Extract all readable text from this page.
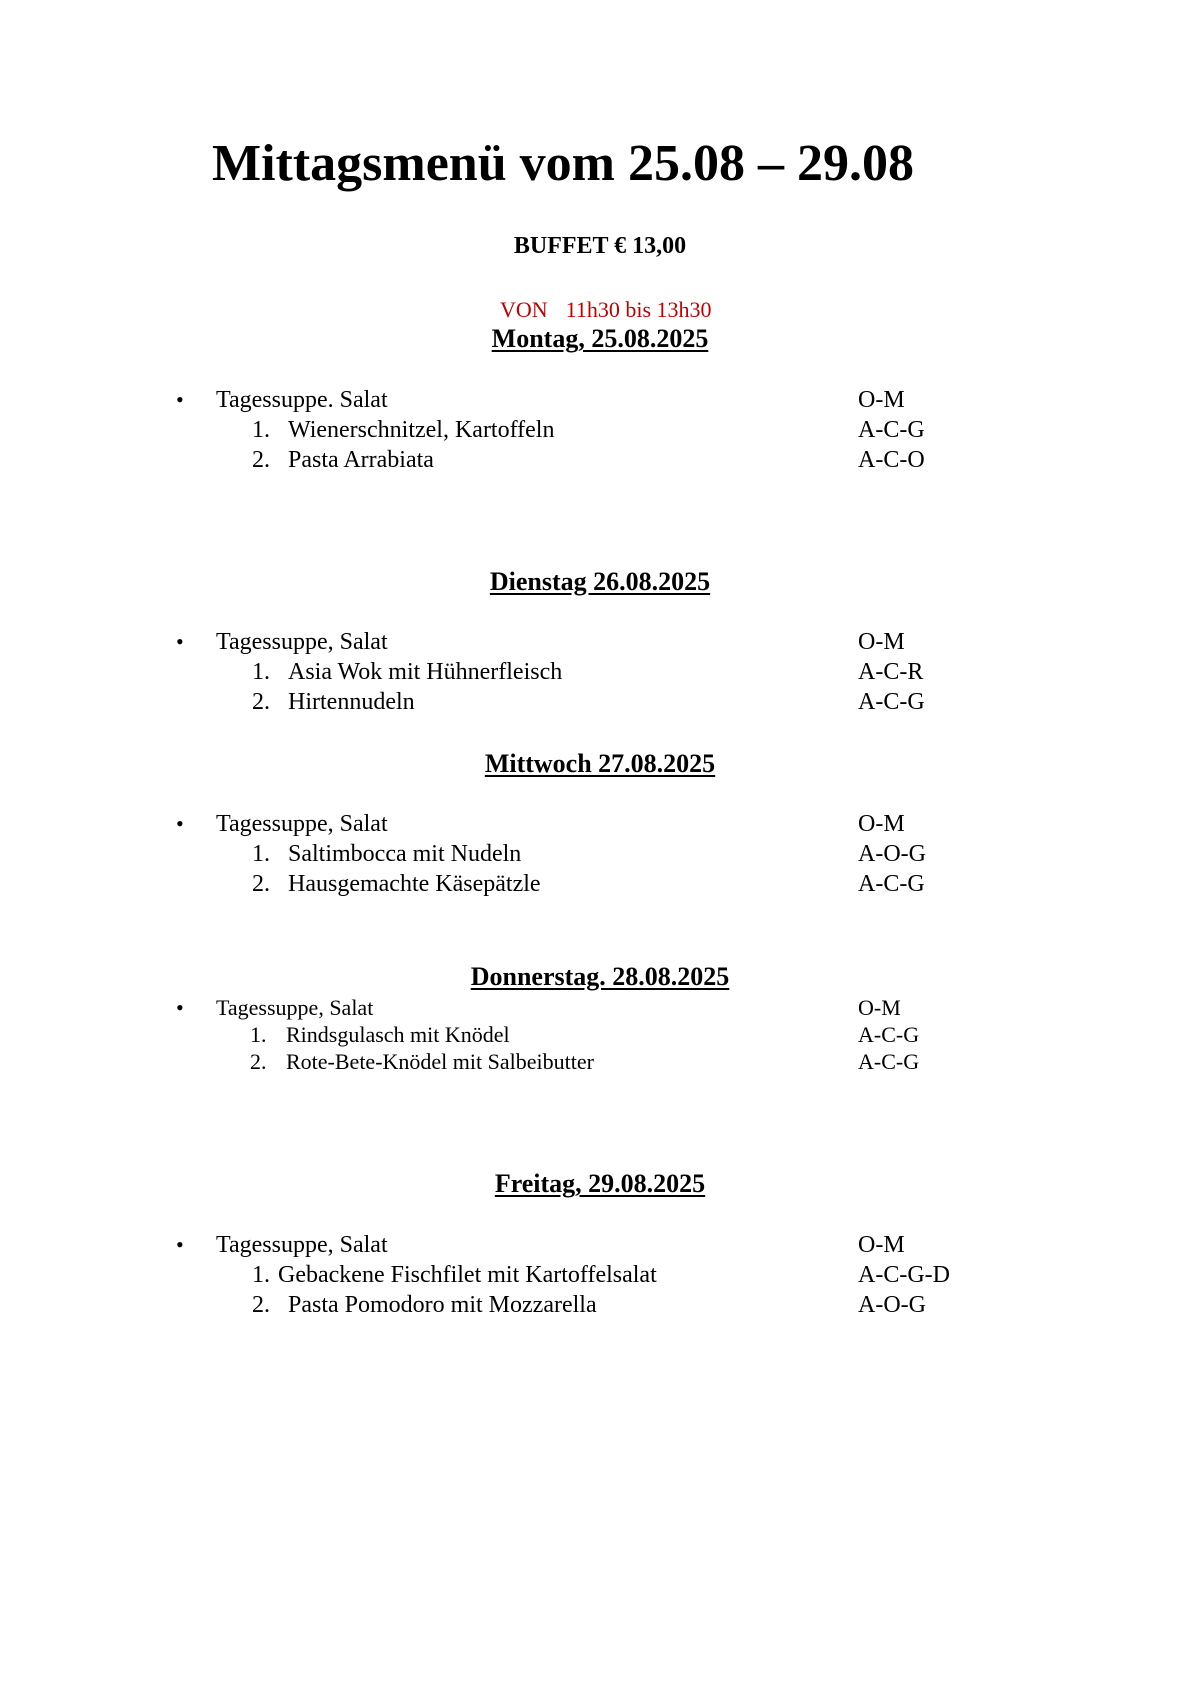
Mittagsmenü vom 25.08 – 29.08
BUFFET € 13,00
VON 11h30 bis 13h30
Montag, 25.08.2025
• Tagessuppe. Salat	O-M
1. Wienerschnitzel, Kartoffeln	A-C-G
2. Pasta Arrabiata	A-C-O
Dienstag 26.08.2025
• Tagessuppe, Salat	O-M
1. Asia Wok mit Hühnerfleisch	A-C-R
2. Hirtennudeln	A-C-G
Mittwoch 27.08.2025
• Tagessuppe, Salat	O-M
1. Saltimbocca mit Nudeln	A-O-G
2. Hausgemachte Käsepätzle	A-C-G
Donnerstag. 28.08.2025
• Tagessuppe, Salat	O-M
1. Rindsgulasch mit Knödel	A-C-G
2. Rote-Bete-Knödel mit Salbeibutter	A-C-G
Freitag, 29.08.2025
• Tagessuppe, Salat	O-M
1. Gebackene Fischfilet mit Kartoffelsalat	A-C-G-D
2. Pasta Pomodoro mit Mozzarella	A-O-G
